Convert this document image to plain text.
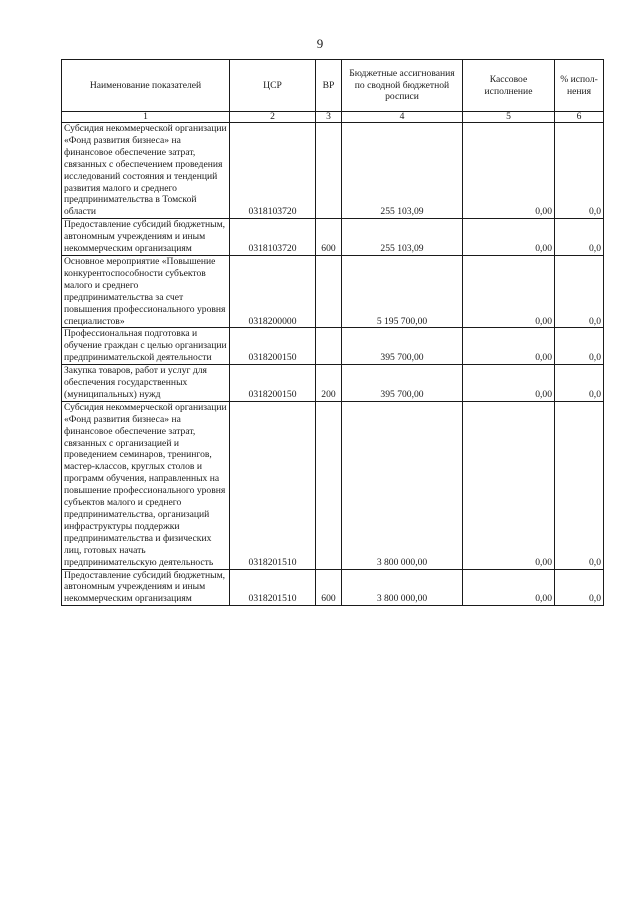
9
Наименование показателей	ЦСР	ВР	Бюджетные ассигнования по сводной бюджетной росписи	Кассовое исполнение	% испол-нения
1	2	3	4	5	6
Субсидия некоммерческой организации «Фонд развития бизнеса» на финансовое обеспечение затрат, связанных с обеспечением проведения исследований состояния и тенденций развития малого и среднего предпринимательства в Томской области	0318103720		255 103,09	0,00	0,0
Предоставление субсидий бюджетным, автономным учреждениям и иным некоммерческим организациям	0318103720	600	255 103,09	0,00	0,0
Основное мероприятие «Повышение конкурентоспособности субъектов малого и среднего предпринимательства за счет повышения профессионального уровня специалистов»	0318200000		5 195 700,00	0,00	0,0
Профессиональная подготовка и обучение граждан с целью организации предпринимательской деятельности	0318200150		395 700,00	0,00	0,0
Закупка товаров, работ и услуг для обеспечения государственных (муниципальных) нужд	0318200150	200	395 700,00	0,00	0,0
Субсидия некоммерческой организации «Фонд развития бизнеса» на финансовое обеспечение затрат, связанных с организацией и проведением семинаров, тренингов, мастер-классов, круглых столов и программ обучения, направленных на повышение профессионального уровня субъектов малого и среднего предпринимательства, организаций инфраструктуры поддержки предпринимательства и физических лиц, готовых начать предпринимательскую деятельность	0318201510		3 800 000,00	0,00	0,0
Предоставление субсидий бюджетным, автономным учреждениям и иным некоммерческим организациям	0318201510	600	3 800 000,00	0,00	0,0
